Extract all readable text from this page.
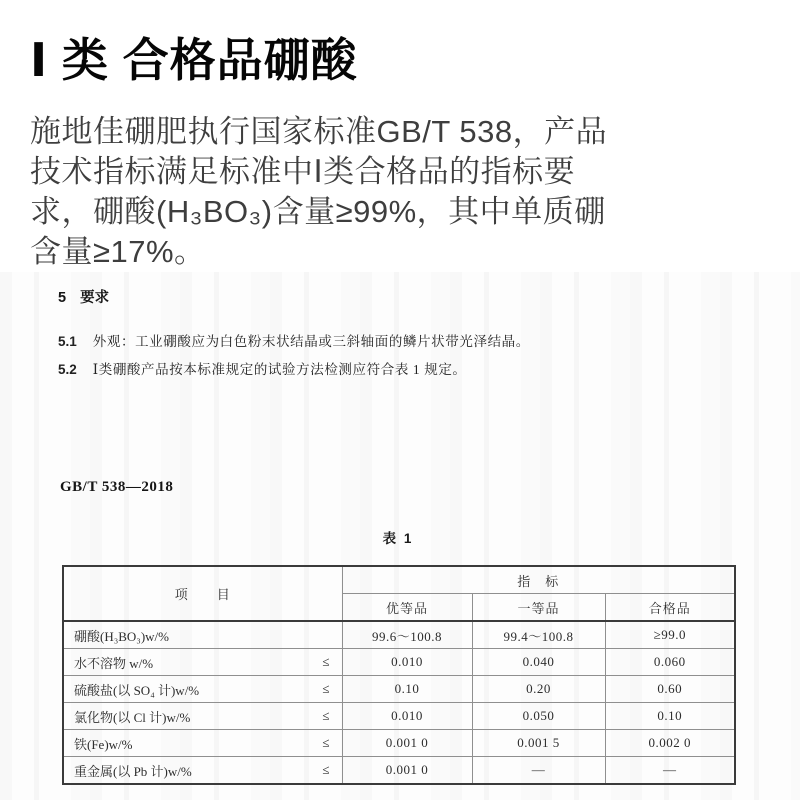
Ⅰ 类 合格品硼酸
施地佳硼肥执行国家标准GB/T 538，产品
技术指标满足标准中Ⅰ类合格品的指标要
求，硼酸(H₃BO₃)含量≥99%，其中单质硼
含量≥17%。
5 要求
5.1 外观：工业硼酸应为白色粉末状结晶或三斜轴面的鳞片状带光泽结晶。
5.2 Ⅰ类硼酸产品按本标准规定的试验方法检测应符合表 1 规定。
GB/T 538—2018
表 1
项　　目	指　标		
	优等品	一等品	合格品

硼酸(H₃BO₃)w/%	99.6～100.8	99.4～100.8	≥99.0

水不溶物 w/% ≤	0.010	0.040	0.060

硫酸盐(以 SO₄ 计)w/% ≤	0.10	0.20	0.60

氯化物(以 Cl 计)w/% ≤	0.010	0.050	0.10

铁(Fe)w/% ≤	0.001 0	0.001 5	0.002 0

重金属(以 Pb 计)w/% ≤	0.001 0	—	—
